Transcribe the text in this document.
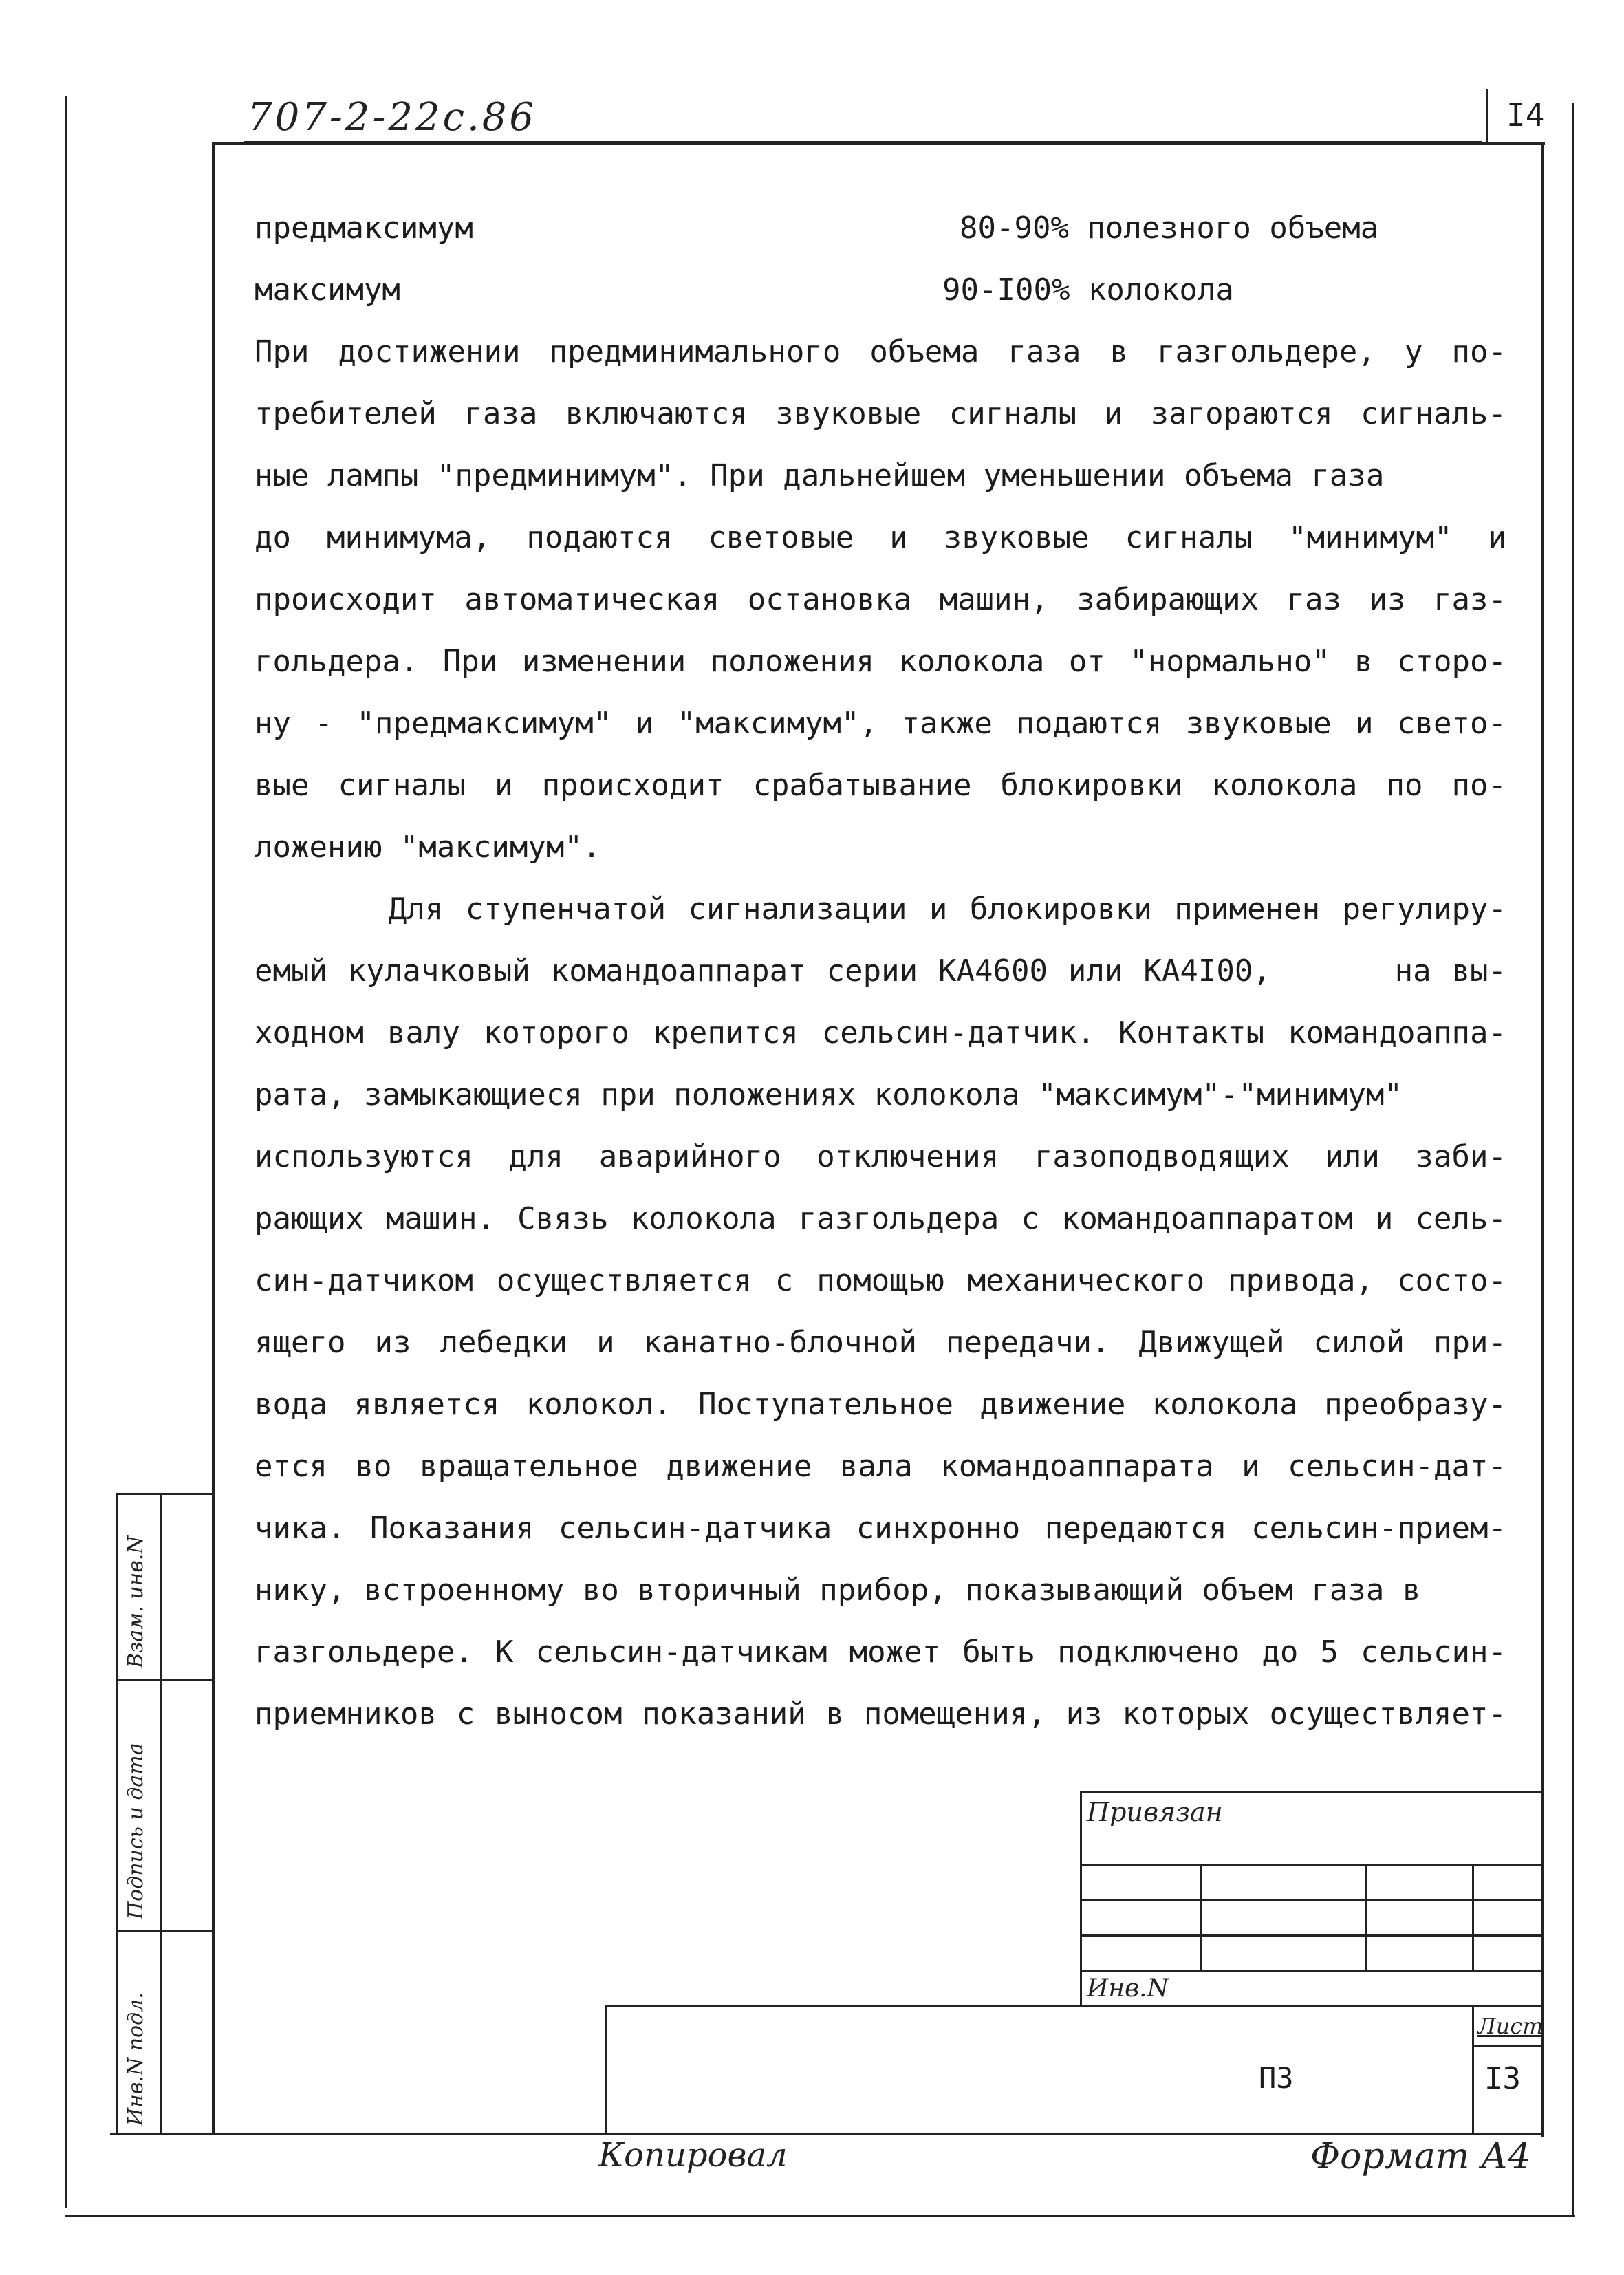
707-2-22c.86	I4
предмаксимум	80-90% полезного объема
максимум	90-I00% колокола
При достижении предминимального объема газа в газгольдере, у по-
требителей газа включаются звуковые сигналы и загораются сигналь-
ные лампы "предминимум". При дальнейшем уменьшении объема газа
до минимума, подаются световые и звуковые сигналы "минимум" и
происходит автоматическая остановка машин, забирающих газ из газ-
гольдера. При изменении положения колокола от "нормально" в сторо-
ну - "предмаксимум" и "максимум", также подаются звуковые и свето-
вые сигналы и происходит срабатывание блокировки колокола по по-
ложению "максимум".
Для ступенчатой сигнализации и блокировки применен регулиру-
емый кулачковый командоаппарат серии КА4600 или КА4I00,      на вы-
ходном валу которого крепится сельсин-датчик. Контакты командоаппа-
рата, замыкающиеся при положениях колокола "максимум"-"минимум"
используются для аварийного отключения газоподводящих или заби-
рающих машин. Связь колокола газгольдера с командоаппаратом и сель-
син-датчиком осуществляется с помощью механического привода, состо-
ящего из лебедки и канатно-блочной передачи. Движущей силой при-
вода является колокол. Поступательное движение колокола преобразу-
ется во вращательное движение вала командоаппарата и сельсин-дат-
чика. Показания сельсин-датчика синхронно передаются сельсин-прием-
нику, встроенному во вторичный прибор, показывающий объем газа в
газгольдере. К сельсин-датчикам может быть подключено до 5 сельсин-
приемников с выносом показаний в помещения, из которых осуществляет-
Привязан
Инв.N
Лист
ПЗ	I3
Копировал	Формат А4
Взам. инв.N
Подпись и дата
Инв.N подл.
